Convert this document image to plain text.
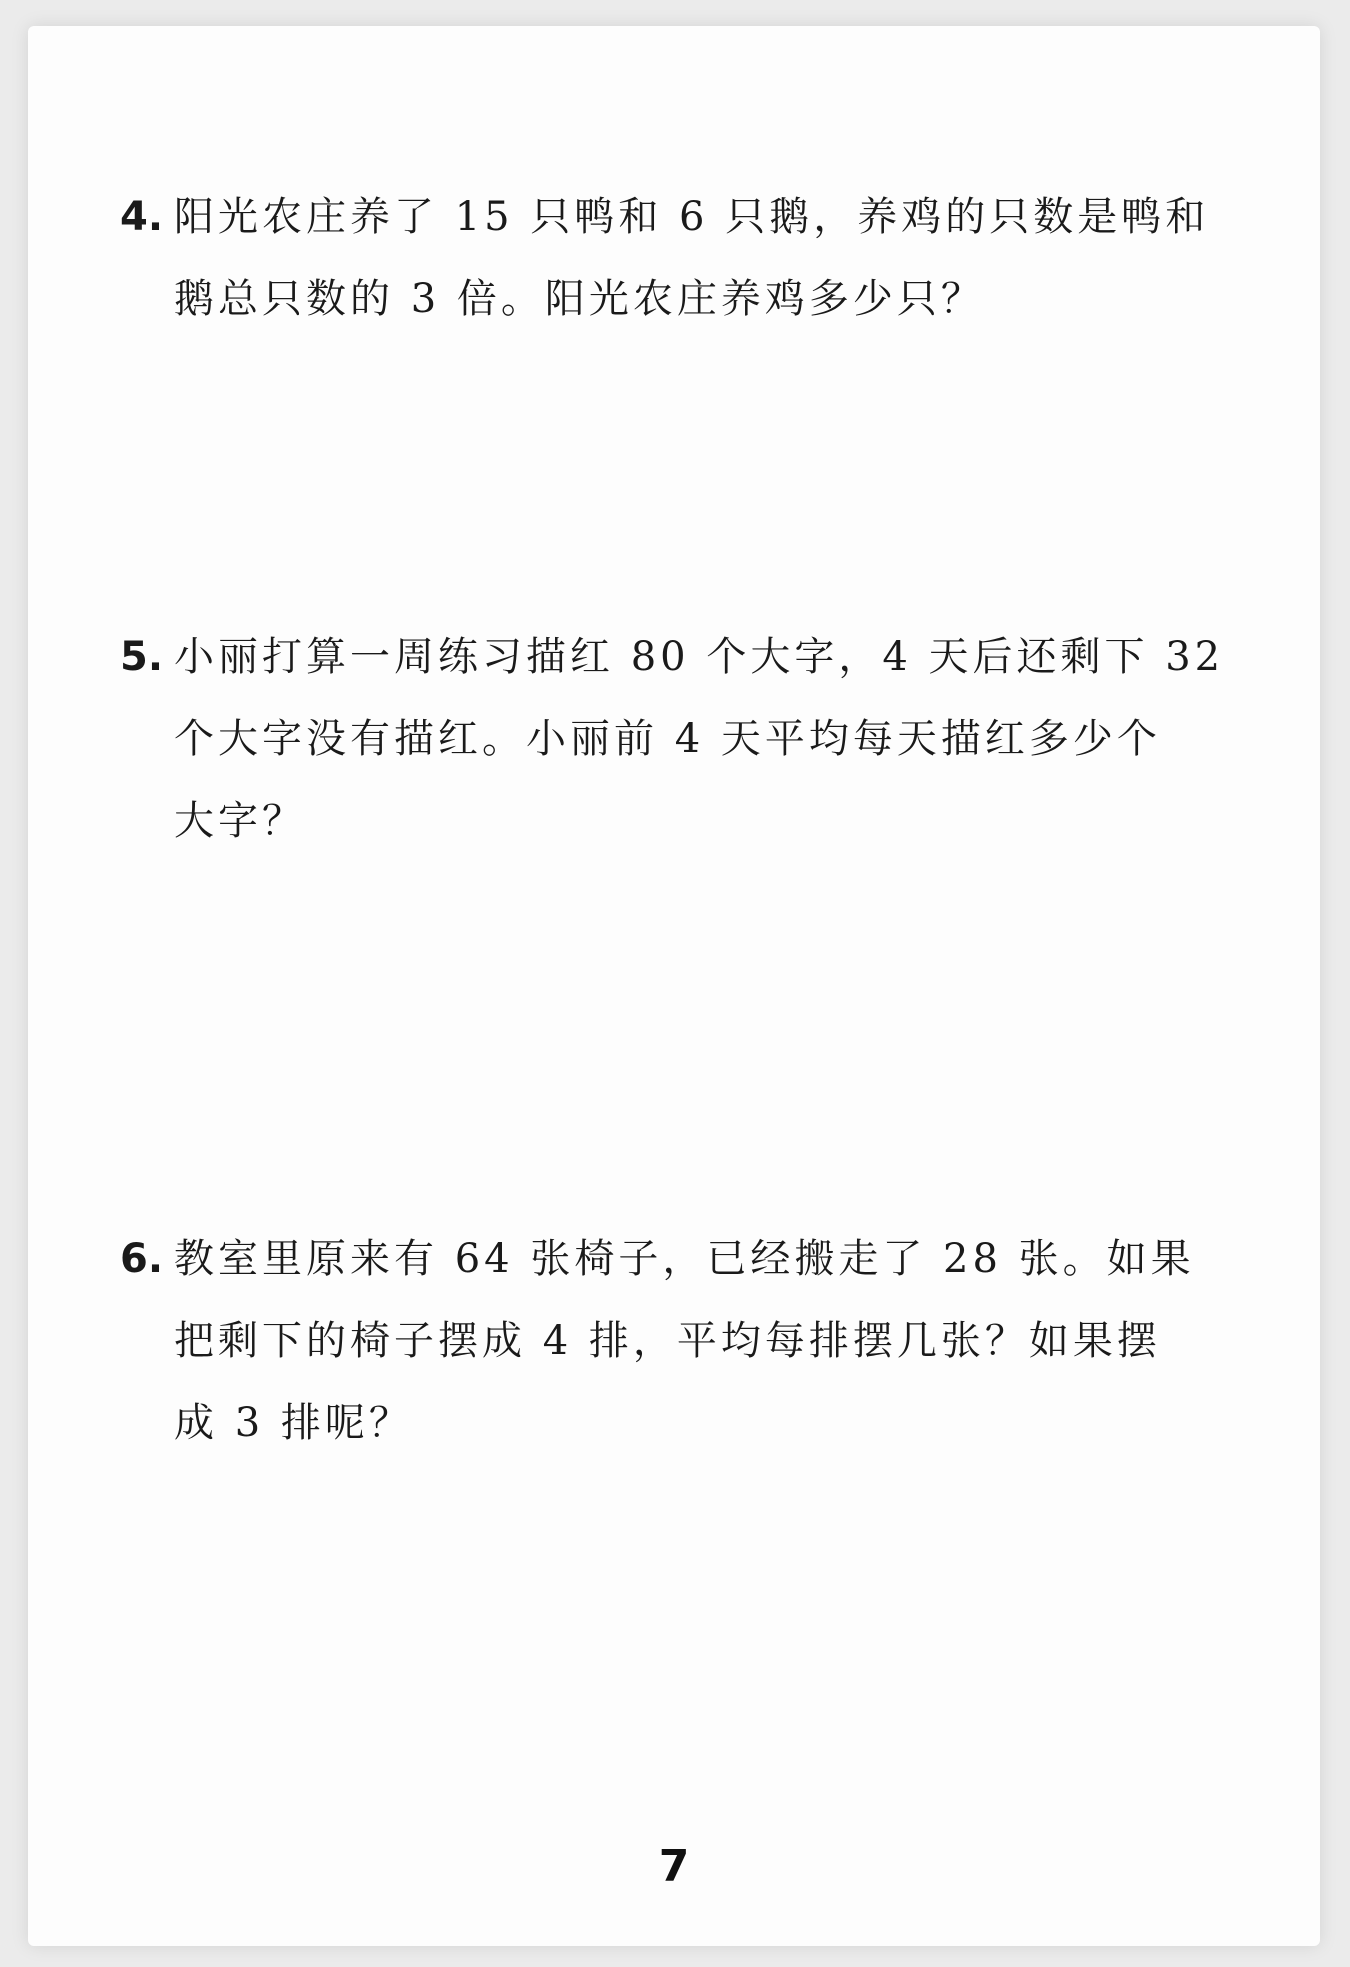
4. 阳光农庄养了 15 只鸭和 6 只鹅，养鸡的只数是鸭和
鹅总只数的 3 倍。阳光农庄养鸡多少只？
5. 小丽打算一周练习描红 80 个大字，4 天后还剩下 32
个大字没有描红。小丽前 4 天平均每天描红多少个
大字？
6. 教室里原来有 64 张椅子，已经搬走了 28 张。如果
把剩下的椅子摆成 4 排，平均每排摆几张？如果摆
成 3 排呢？
7
